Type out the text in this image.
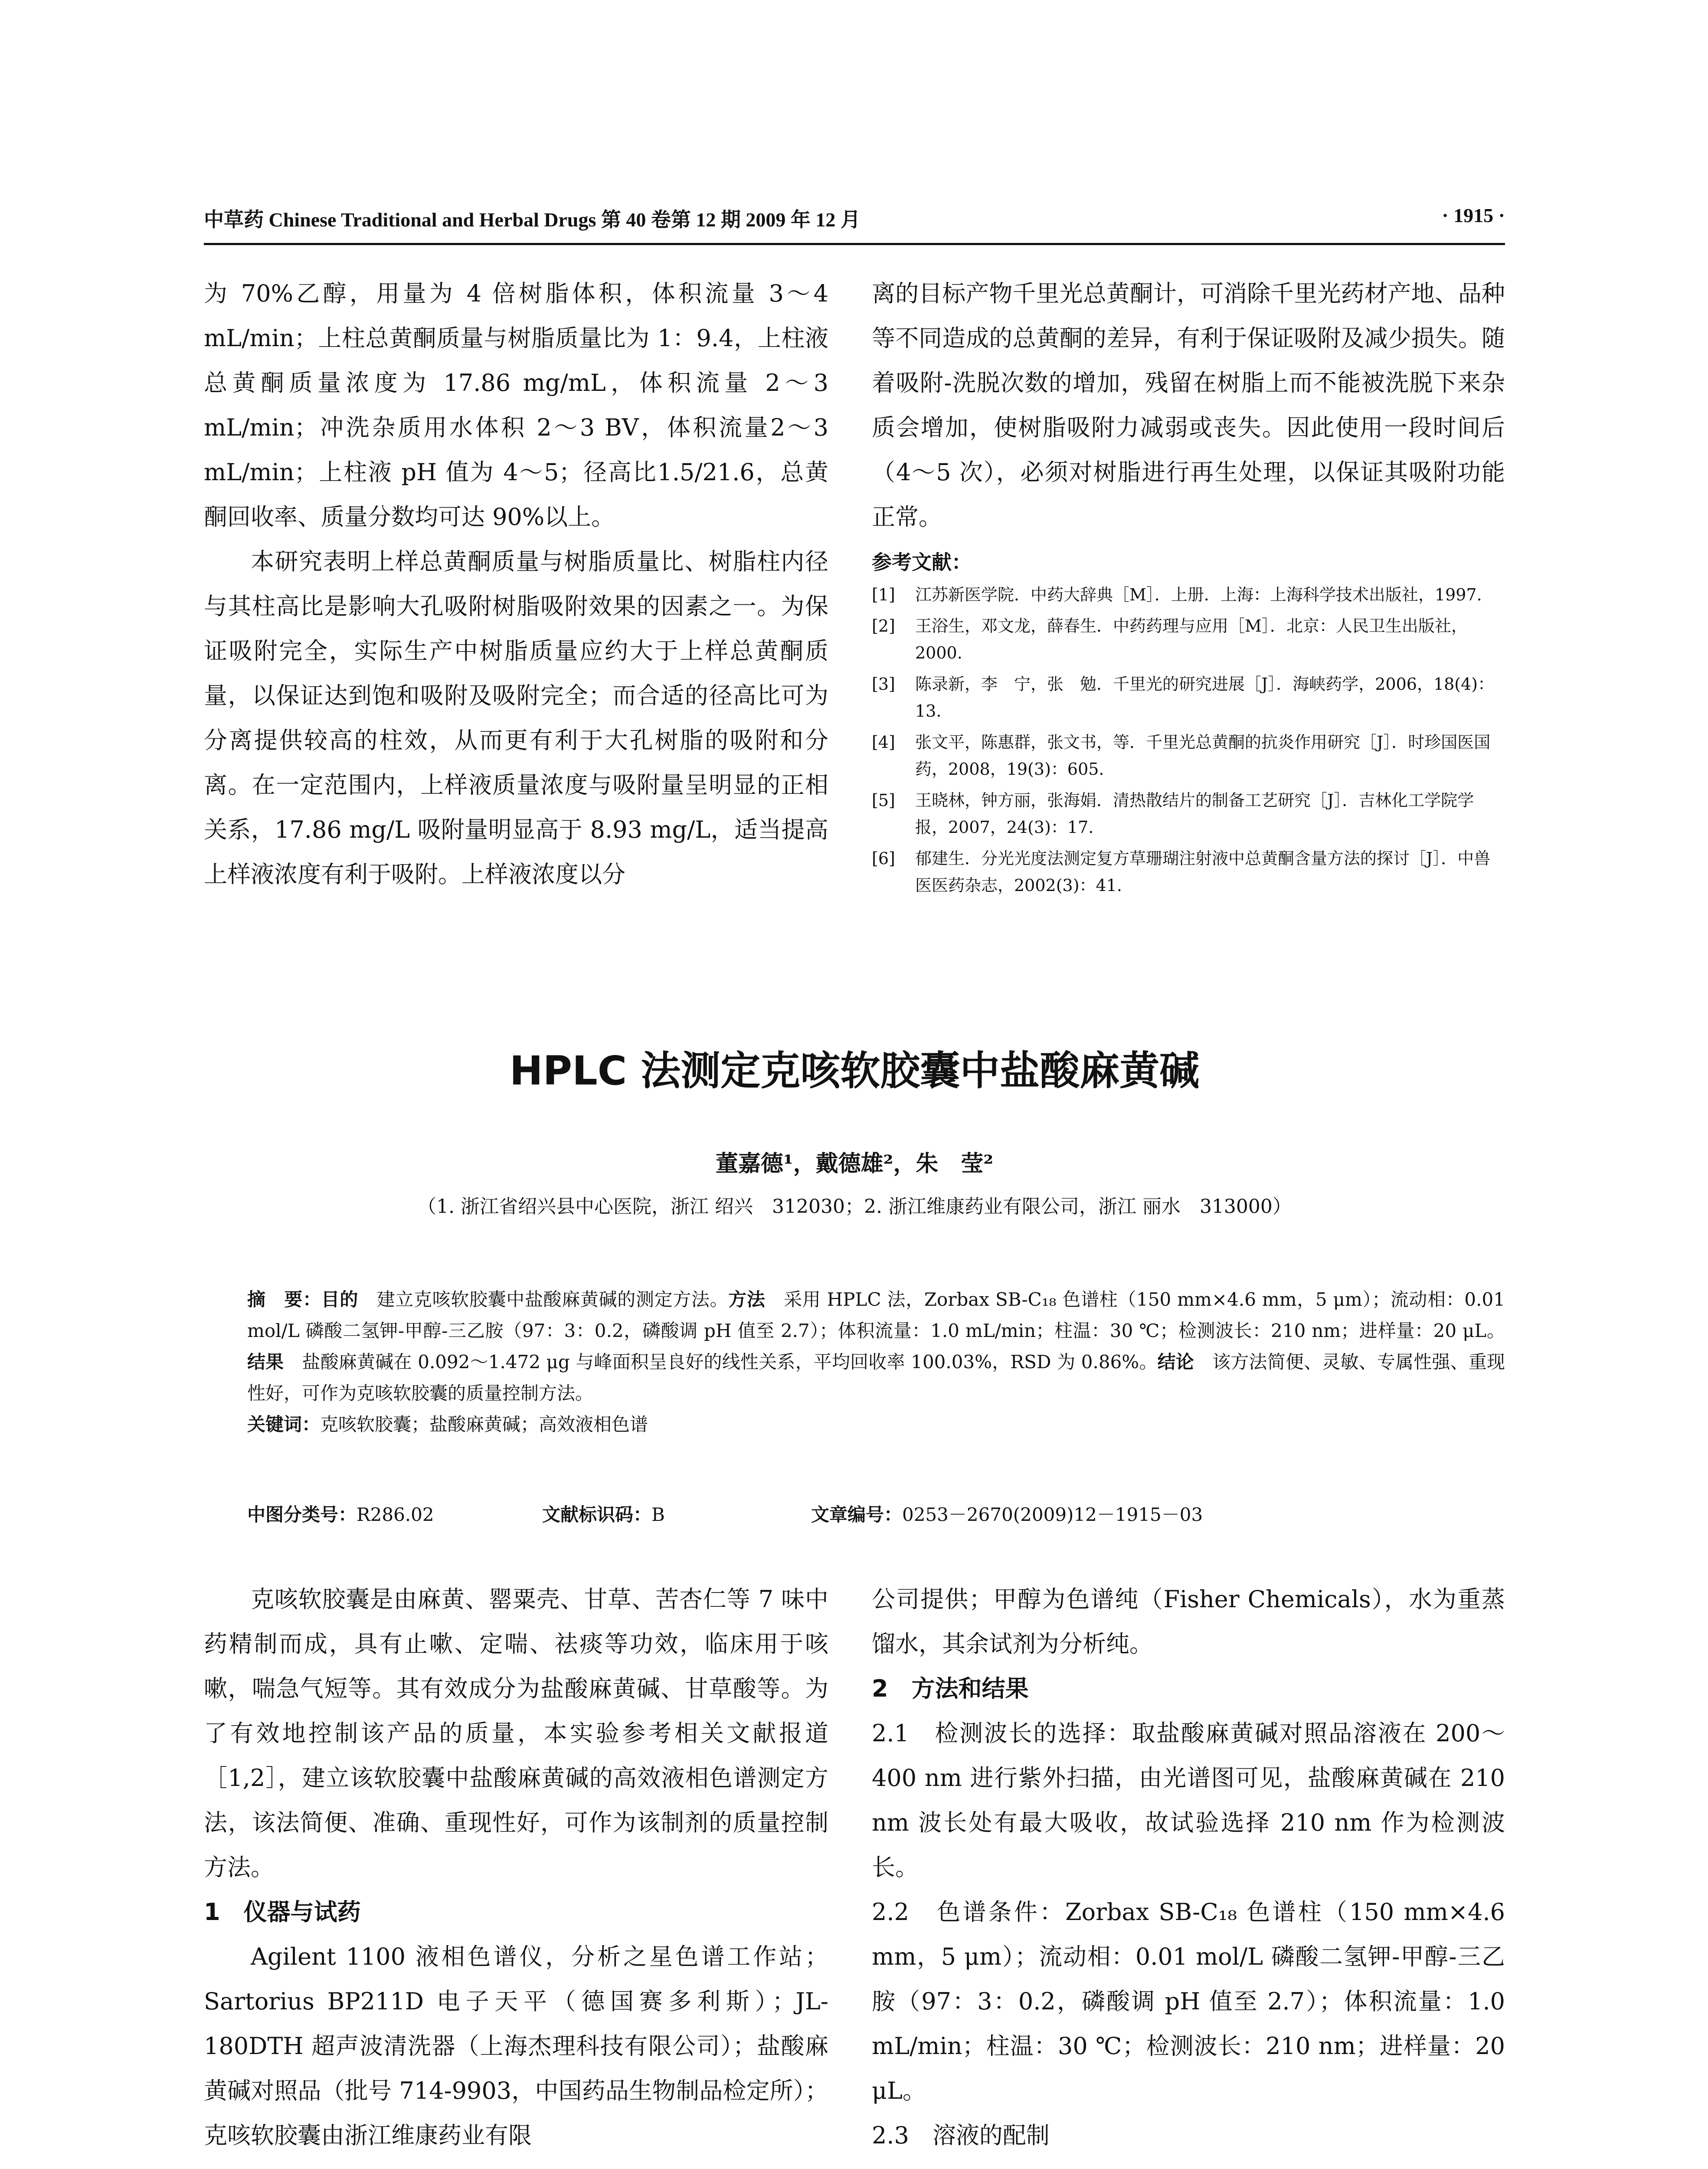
中草药 Chinese Traditional and Herbal Drugs 第 40 卷第 12 期 2009 年 12 月	· 1915 ·

为 70%乙醇，用量为 4 倍树脂体积，体积流量 3～4 mL/min；上柱总黄酮质量与树脂质量比为 1：9.4，上柱液总黄酮质量浓度为 17.86 mg/mL，体积流量 2～3 mL/min；冲洗杂质用水体积 2～3 BV，体积流量2～3 mL/min；上柱液 pH 值为 4～5；径高比1.5/21.6，总黄酮回收率、质量分数均可达 90%以上。

本研究表明上样总黄酮质量与树脂质量比、树脂柱内径与其柱高比是影响大孔吸附树脂吸附效果的因素之一。为保证吸附完全，实际生产中树脂质量应约大于上样总黄酮质量，以保证达到饱和吸附及吸附完全；而合适的径高比可为分离提供较高的柱效，从而更有利于大孔树脂的吸附和分离。在一定范围内，上样液质量浓度与吸附量呈明显的正相关系，17.86 mg/L 吸附量明显高于 8.93 mg/L，适当提高上样液浓度有利于吸附。上样液浓度以分

离的目标产物千里光总黄酮计，可消除千里光药材产地、品种等不同造成的总黄酮的差异，有利于保证吸附及减少损失。随着吸附-洗脱次数的增加，残留在树脂上而不能被洗脱下来杂质会增加，使树脂吸附力减弱或丧失。因此使用一段时间后（4～5 次），必须对树脂进行再生处理，以保证其吸附功能正常。

参考文献：
[1]	江苏新医学院．中药大辞典［M］．上册．上海：上海科学技术出版社，1997.
[2]	王浴生，邓文龙，薛春生．中药药理与应用［M］．北京：人民卫生出版社，2000.
[3]	陈录新，李　宁，张　勉．千里光的研究进展［J］．海峡药学，2006，18(4)：13.
[4]	张文平，陈惠群，张文书，等．千里光总黄酮的抗炎作用研究［J］．时珍国医国药，2008，19(3)：605.
[5]	王晓林，钟方丽，张海娟．清热散结片的制备工艺研究［J］．吉林化工学院学报，2007，24(3)：17.
[6]	郁建生．分光光度法测定复方草珊瑚注射液中总黄酮含量方法的探讨［J］．中兽医医药杂志，2002(3)：41.
HPLC 法测定克咳软胶囊中盐酸麻黄碱
董嘉德¹，戴德雄²，朱　莹²
（1. 浙江省绍兴县中心医院，浙江 绍兴　312030；2. 浙江维康药业有限公司，浙江 丽水　313000）

摘　要：目的　建立克咳软胶囊中盐酸麻黄碱的测定方法。方法　采用 HPLC 法，Zorbax SB-C₁₈ 色谱柱（150 mm×4.6 mm，5 μm）；流动相：0.01 mol/L 磷酸二氢钾-甲醇-三乙胺（97：3：0.2，磷酸调 pH 值至 2.7）；体积流量：1.0 mL/min；柱温：30 ℃；检测波长：210 nm；进样量：20 μL。结果　盐酸麻黄碱在 0.092～1.472 μg 与峰面积呈良好的线性关系，平均回收率 100.03%，RSD 为 0.86%。结论　该方法简便、灵敏、专属性强、重现性好，可作为克咳软胶囊的质量控制方法。

关键词：克咳软胶囊；盐酸麻黄碱；高效液相色谱

中图分类号：R286.02	文献标识码：B	文章编号：0253－2670(2009)12－1915－03

克咳软胶囊是由麻黄、罂粟壳、甘草、苦杏仁等 7 味中药精制而成，具有止嗽、定喘、祛痰等功效，临床用于咳嗽，喘急气短等。其有效成分为盐酸麻黄碱、甘草酸等。为了有效地控制该产品的质量，本实验参考相关文献报道［1,2］，建立该软胶囊中盐酸麻黄碱的高效液相色谱测定方法，该法简便、准确、重现性好，可作为该制剂的质量控制方法。

1　仪器与试药

Agilent 1100 液相色谱仪，分析之星色谱工作站；Sartorius BP211D 电子天平（德国赛多利斯）；JL-180DTH 超声波清洗器（上海杰理科技有限公司）；盐酸麻黄碱对照品（批号 714-9903，中国药品生物制品检定所）；克咳软胶囊由浙江维康药业有限

公司提供；甲醇为色谱纯（Fisher Chemicals），水为重蒸馏水，其余试剂为分析纯。

2　方法和结果

2.1　检测波长的选择：取盐酸麻黄碱对照品溶液在 200～400 nm 进行紫外扫描，由光谱图可见，盐酸麻黄碱在 210 nm 波长处有最大吸收，故试验选择 210 nm 作为检测波长。

2.2　色谱条件：Zorbax SB-C₁₈ 色谱柱（150 mm×4.6 mm，5 μm）；流动相：0.01 mol/L 磷酸二氢钾-甲醇-三乙胺（97：3：0.2，磷酸调 pH 值至 2.7）；体积流量：1.0 mL/min；柱温：30 ℃；检测波长：210 nm；进样量：20 μL。

2.3　溶液的配制
